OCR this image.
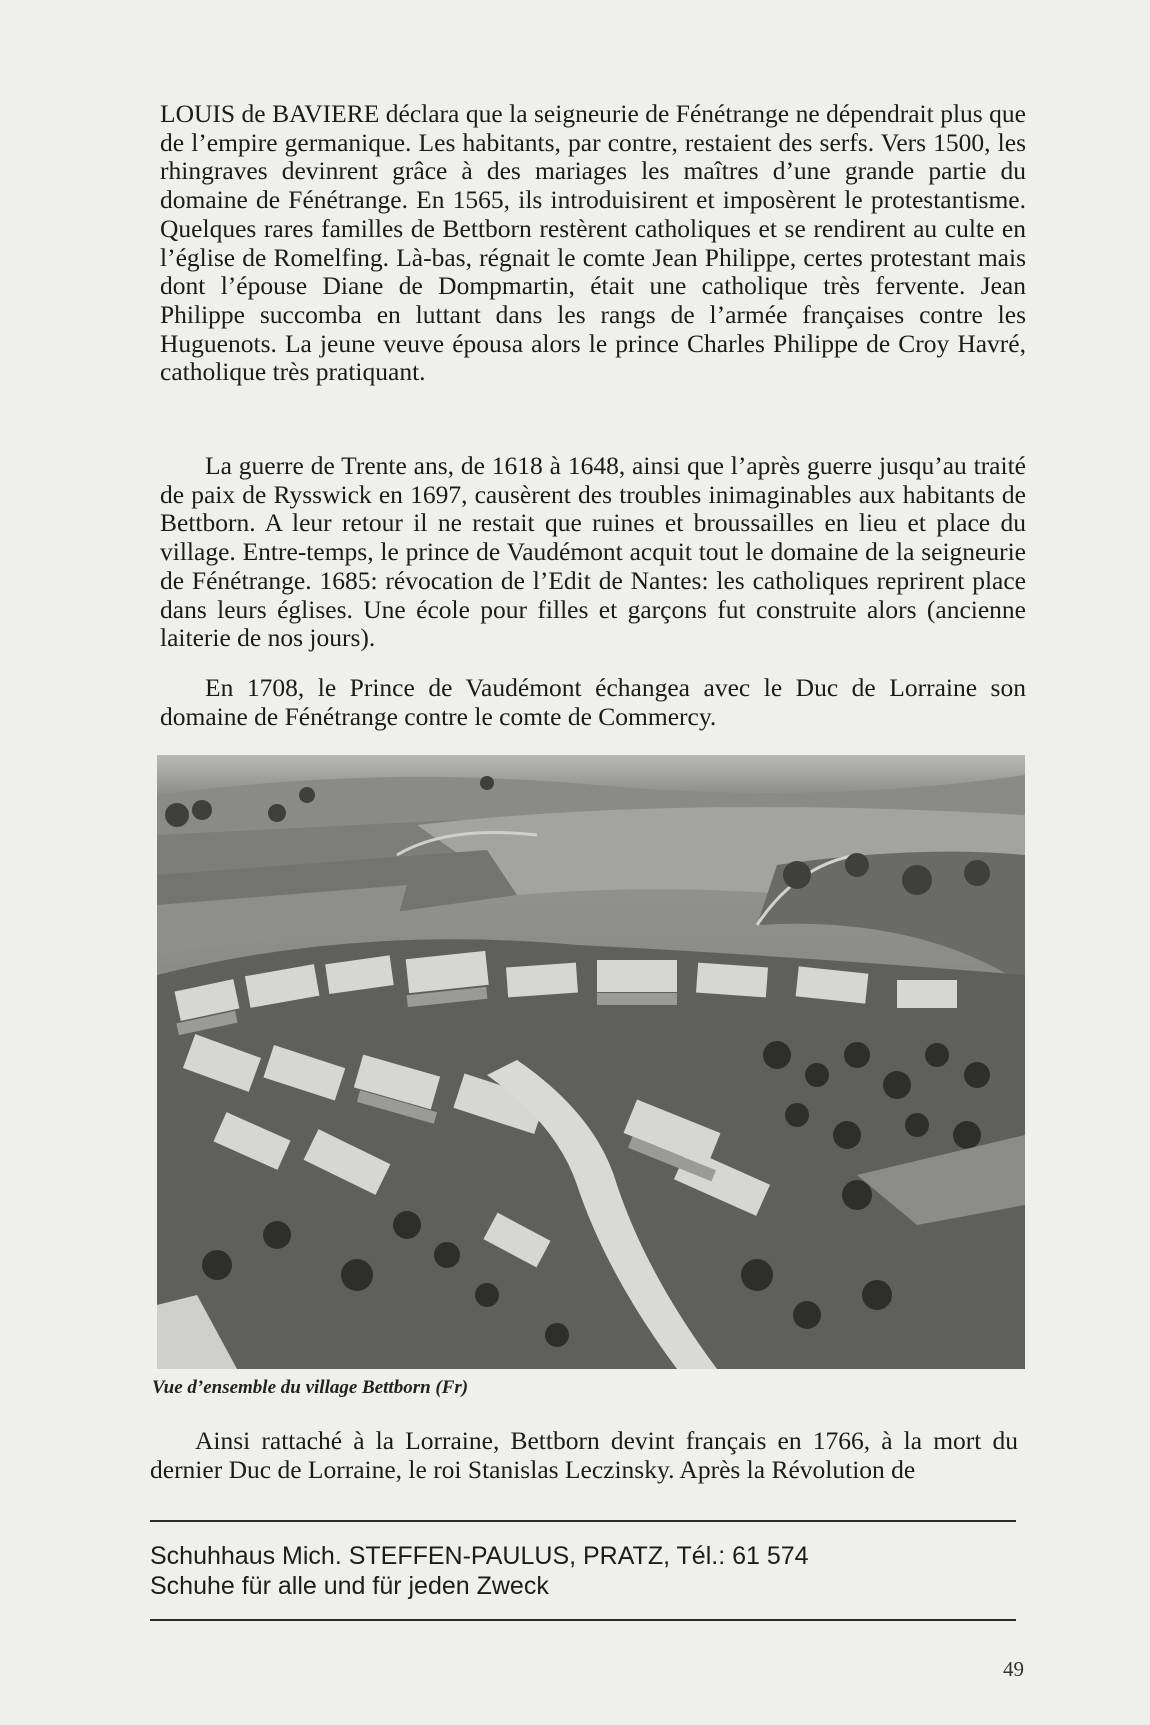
LOUIS de BAVIERE déclara que la seigneurie de Fénétrange ne dépendrait plus que de l’empire germanique. Les habitants, par contre, restaient des serfs. Vers 1500, les rhingraves devinrent grâce à des mariages les maîtres d’une grande partie du domaine de Fénétrange. En 1565, ils introduisirent et imposèrent le protestantisme. Quelques rares familles de Bettborn restèrent catholiques et se rendirent au culte en l’église de Romelfing. Là-bas, régnait le comte Jean Philippe, certes protestant mais dont l’épouse Diane de Dompmartin, était une catholique très fervente. Jean Philippe succomba en luttant dans les rangs de l’armée françaises contre les Huguenots. La jeune veuve épousa alors le prince Charles Philippe de Croy Havré, catholique très pratiquant.

La guerre de Trente ans, de 1618 à 1648, ainsi que l’après guerre jusqu’au traité de paix de Rysswick en 1697, causèrent des troubles inimaginables aux habitants de Bettborn. A leur retour il ne restait que ruines et broussailles en lieu et place du village. Entre-temps, le prince de Vaudémont acquit tout le domaine de la seigneurie de Fénétrange. 1685: révocation de l’Edit de Nantes: les catholiques reprirent place dans leurs églises. Une école pour filles et garçons fut construite alors (ancienne laiterie de nos jours).

En 1708, le Prince de Vaudémont échangea avec le Duc de Lorraine son domaine de Fénétrange contre le comte de Commercy.

Vue d’ensemble du village Bettborn (Fr)

Ainsi rattaché à la Lorraine, Bettborn devint français en 1766, à la mort du dernier Duc de Lorraine, le roi Stanislas Leczinsky. Après la Révolution de

Schuhhaus Mich. STEFFEN-PAULUS, PRATZ, Tél.: 61 574

Schuhe für alle und für jeden Zweck

49
